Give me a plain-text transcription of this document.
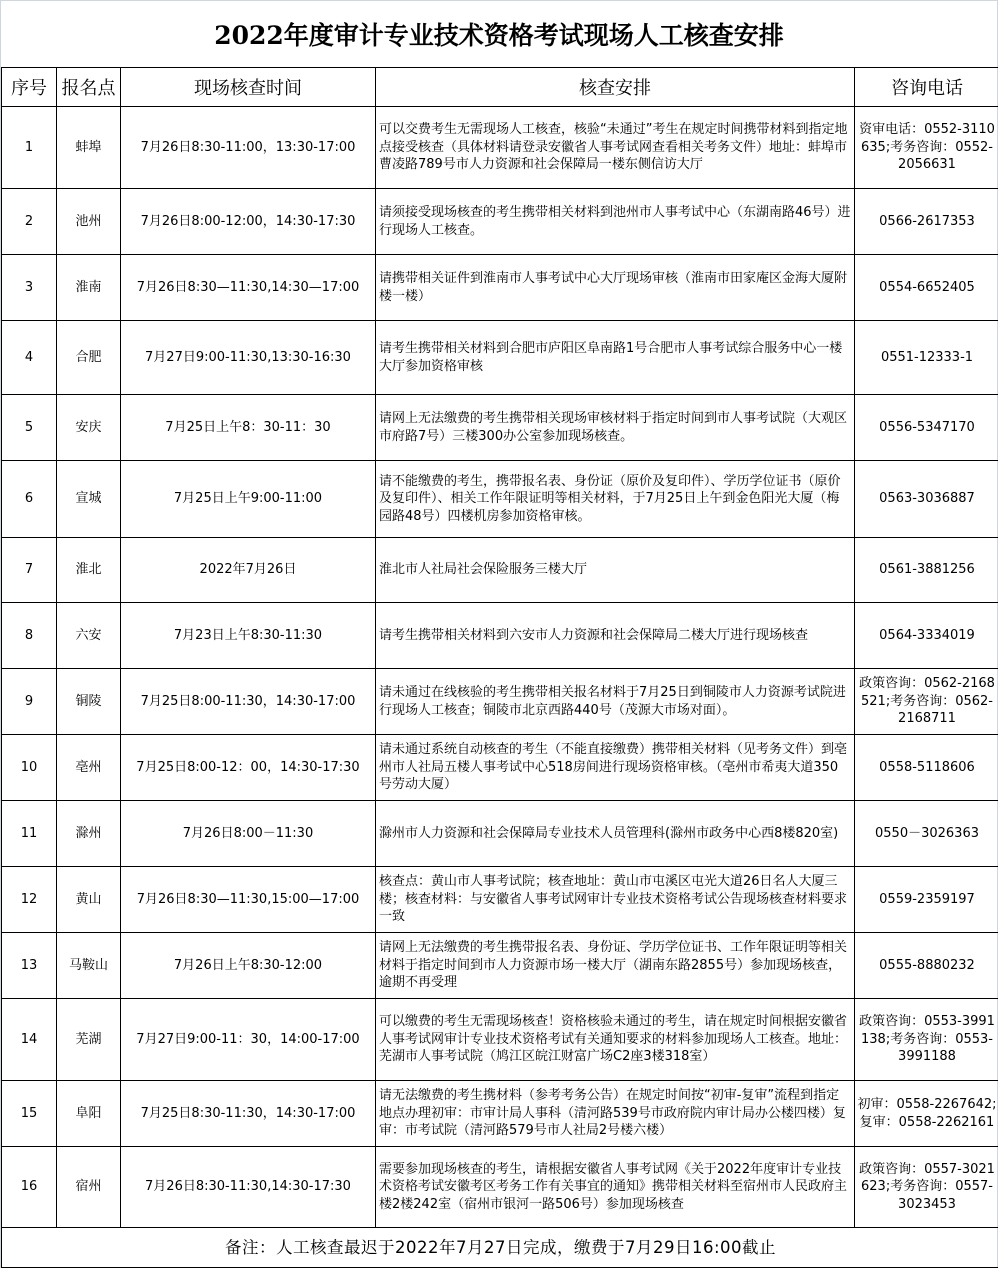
2022年度审计专业技术资格考试现场人工核查安排
序号	报名点	现场核查时间	核查安排	咨询电话
1	蚌埠	7月26日8:30-11:00，13:30-17:00	可以交费考生无需现场人工核查，核验“未通过”考生在规定时间携带材料到指定地点接受核查（具体材料请登录安徽省人事考试网查看相关考务文件）地址：蚌埠市曹凌路789号市人力资源和社会保障局一楼东侧信访大厅	资审电话：0552-3110635;考务咨询：0552-2056631
2	池州	7月26日8:00-12:00，14:30-17:30	请须接受现场核查的考生携带相关材料到池州市人事考试中心（东湖南路46号）进行现场人工核查。	0566-2617353
3	淮南	7月26日8:30—11:30,14:30—17:00	请携带相关证件到淮南市人事考试中心大厅现场审核（淮南市田家庵区金海大厦附楼一楼）	0554-6652405
4	合肥	7月27日9:00-11:30,13:30-16:30	请考生携带相关材料到合肥市庐阳区阜南路1号合肥市人事考试综合服务中心一楼大厅参加资格审核	0551-12333-1
5	安庆	7月25日上午8：30-11：30	请网上无法缴费的考生携带相关现场审核材料于指定时间到市人事考试院（大观区市府路7号）三楼300办公室参加现场核查。	0556-5347170
6	宣城	7月25日上午9:00-11:00	请不能缴费的考生，携带报名表、身份证（原价及复印件）、学历学位证书（原价及复印件）、相关工作年限证明等相关材料，于7月25日上午到金色阳光大厦（梅园路48号）四楼机房参加资格审核。	0563-3036887
7	淮北	2022年7月26日	淮北市人社局社会保险服务三楼大厅	0561-3881256
8	六安	7月23日上午8:30-11:30	请考生携带相关材料到六安市人力资源和社会保障局二楼大厅进行现场核查	0564-3334019
9	铜陵	7月25日8:00-11:30，14:30-17:00	请未通过在线核验的考生携带相关报名材料于7月25日到铜陵市人力资源考试院进行现场人工核查；铜陵市北京西路440号（茂源大市场对面）。	政策咨询：0562-2168521;考务咨询：0562-2168711
10	亳州	7月25日8:00-12：00，14:30-17:30	请未通过系统自动核查的考生（不能直接缴费）携带相关材料（见考务文件）到亳州市人社局五楼人事考试中心518房间进行现场资格审核。（亳州市希夷大道350号劳动大厦）	0558-5118606
11	滁州	7月26日8:00－11:30	滁州市人力资源和社会保障局专业技术人员管理科(滁州市政务中心西8楼820室)	0550－3026363
12	黄山	7月26日8:30—11:30,15:00—17:00	核查点：黄山市人事考试院；核查地址：黄山市屯溪区屯光大道26日名人大厦三楼；核查材料：与安徽省人事考试网审计专业技术资格考试公告现场核查材料要求一致	0559-2359197
13	马鞍山	7月26日上午8:30-12:00	请网上无法缴费的考生携带报名表、身份证、学历学位证书、工作年限证明等相关材料于指定时间到市人力资源市场一楼大厅（湖南东路2855号）参加现场核查，逾期不再受理	0555-8880232
14	芜湖	7月27日9:00-11：30，14:00-17:00	可以缴费的考生无需现场核查！资格核验未通过的考生，请在规定时间根据安徽省人事考试网审计专业技术资格考试有关通知要求的材料参加现场人工核查。地址：芜湖市人事考试院（鸠江区皖江财富广场C2座3楼318室）	政策咨询：0553-3991138;考务咨询：0553-3991188
15	阜阳	7月25日8:30-11:30，14:30-17:00	请无法缴费的考生携材料（参考考务公告）在规定时间按“初审-复审”流程到指定地点办理初审：市审计局人事科（清河路539号市政府院内审计局办公楼四楼）复审：市考试院（清河路579号市人社局2号楼六楼）	初审：0558-2267642;复审：0558-2262161
16	宿州	7月26日8:30-11:30,14:30-17:30	需要参加现场核查的考生，请根据安徽省人事考试网《关于2022年度审计专业技术资格考试安徽考区考务工作有关事宜的通知》携带相关材料至宿州市人民政府主楼2楼242室（宿州市银河一路506号）参加现场核查	政策咨询：0557-3021623;考务咨询：0557-3023453
备注：人工核查最迟于2022年7月27日完成，缴费于7月29日16:00截止				
